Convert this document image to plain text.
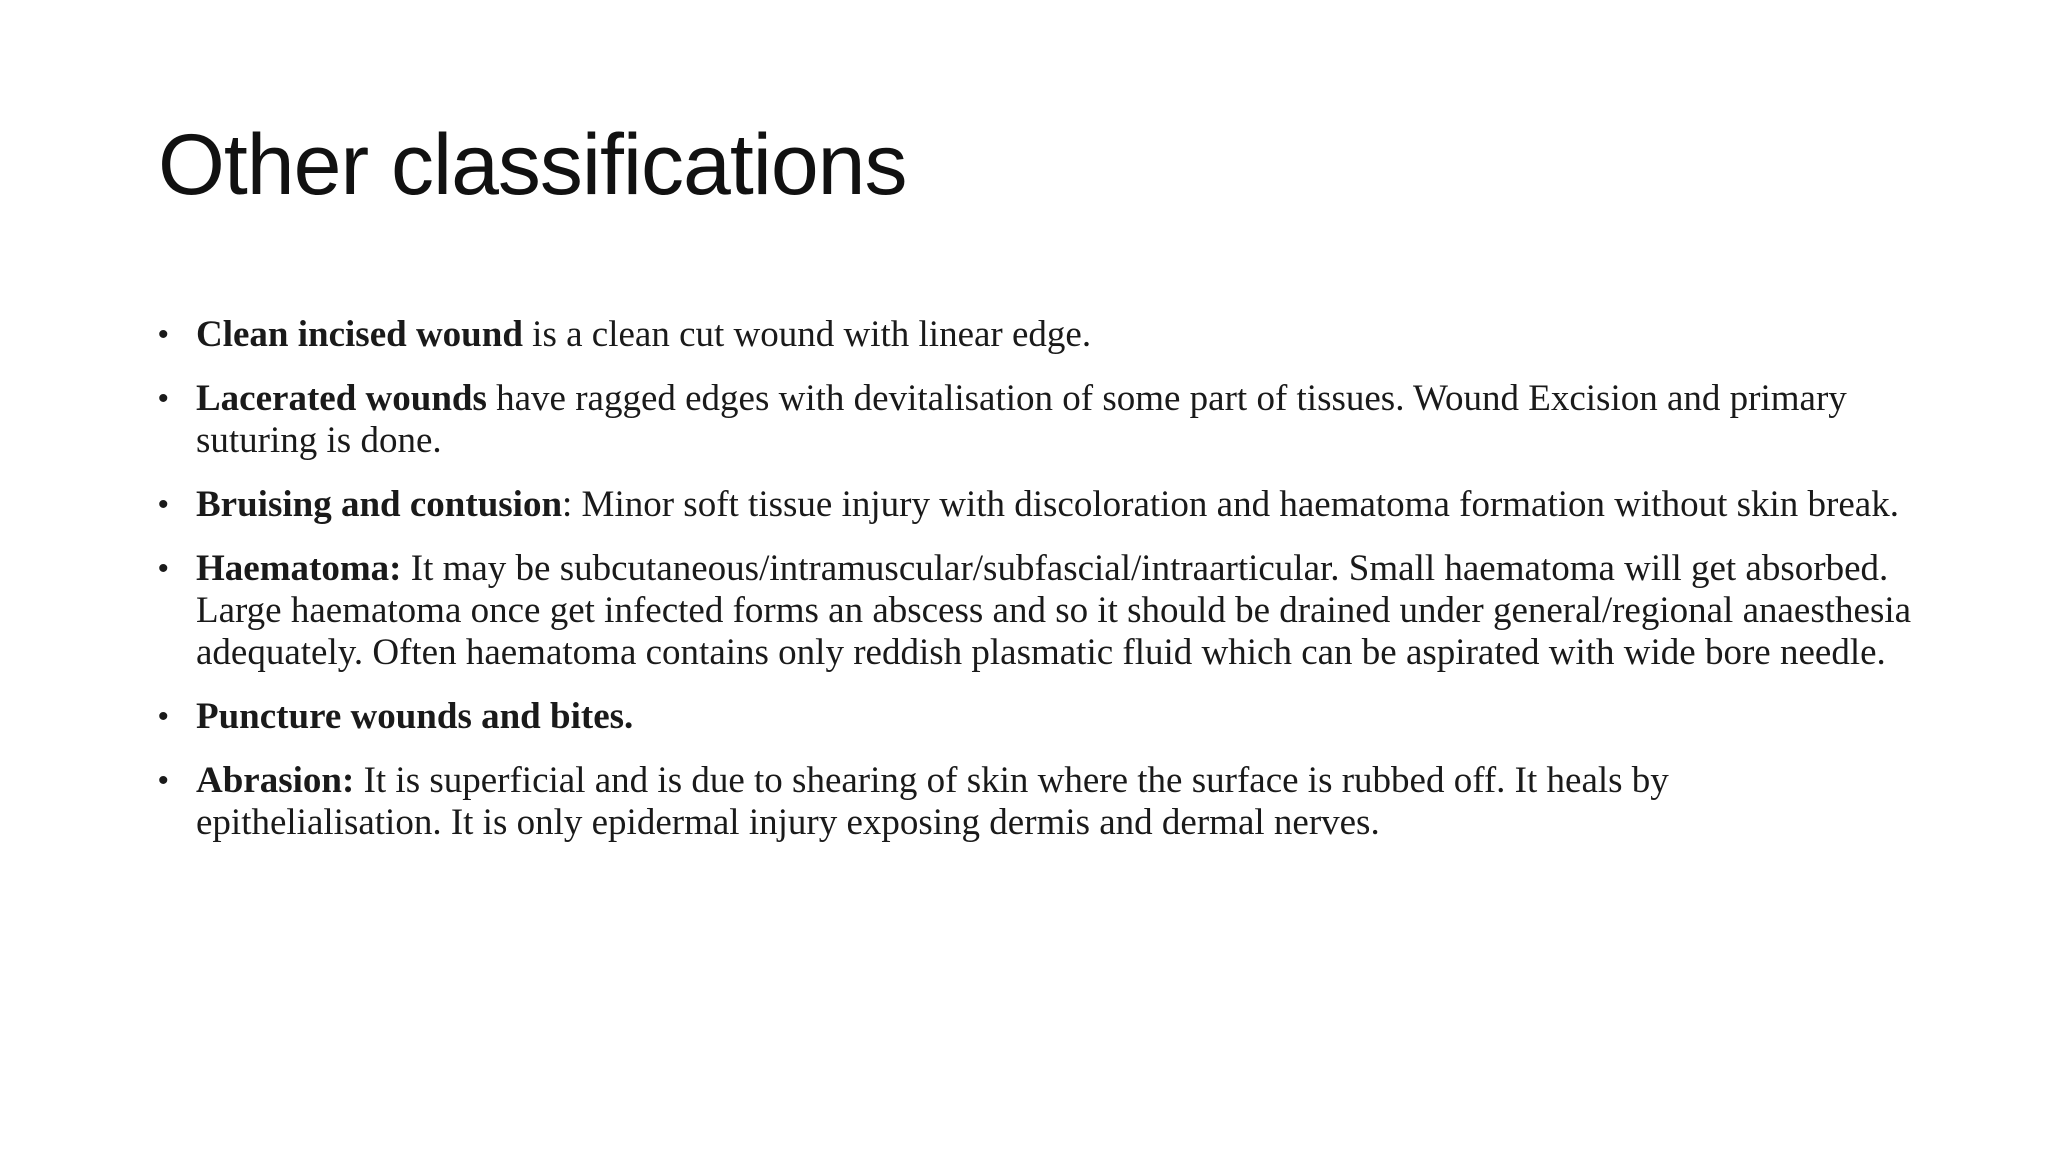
Other classifications
• Clean incised wound is a clean cut wound with linear edge.
• Lacerated wounds have ragged edges with devitalisation of some part of tissues. Wound Excision and primary suturing is done.
• Bruising and contusion: Minor soft tissue injury with discoloration and haematoma formation without skin break.
• Haematoma: It may be subcutaneous/intramuscular/subfascial/intraarticular. Small haematoma will get absorbed. Large haematoma once get infected forms an abscess and so it should be drained under general/regional anaesthesia adequately. Often haematoma contains only reddish plasmatic fluid which can be aspirated with wide bore needle.
• Puncture wounds and bites.
• Abrasion: It is superficial and is due to shearing of skin where the surface is rubbed off. It heals by epithelialisation. It is only epidermal injury exposing dermis and dermal nerves.
